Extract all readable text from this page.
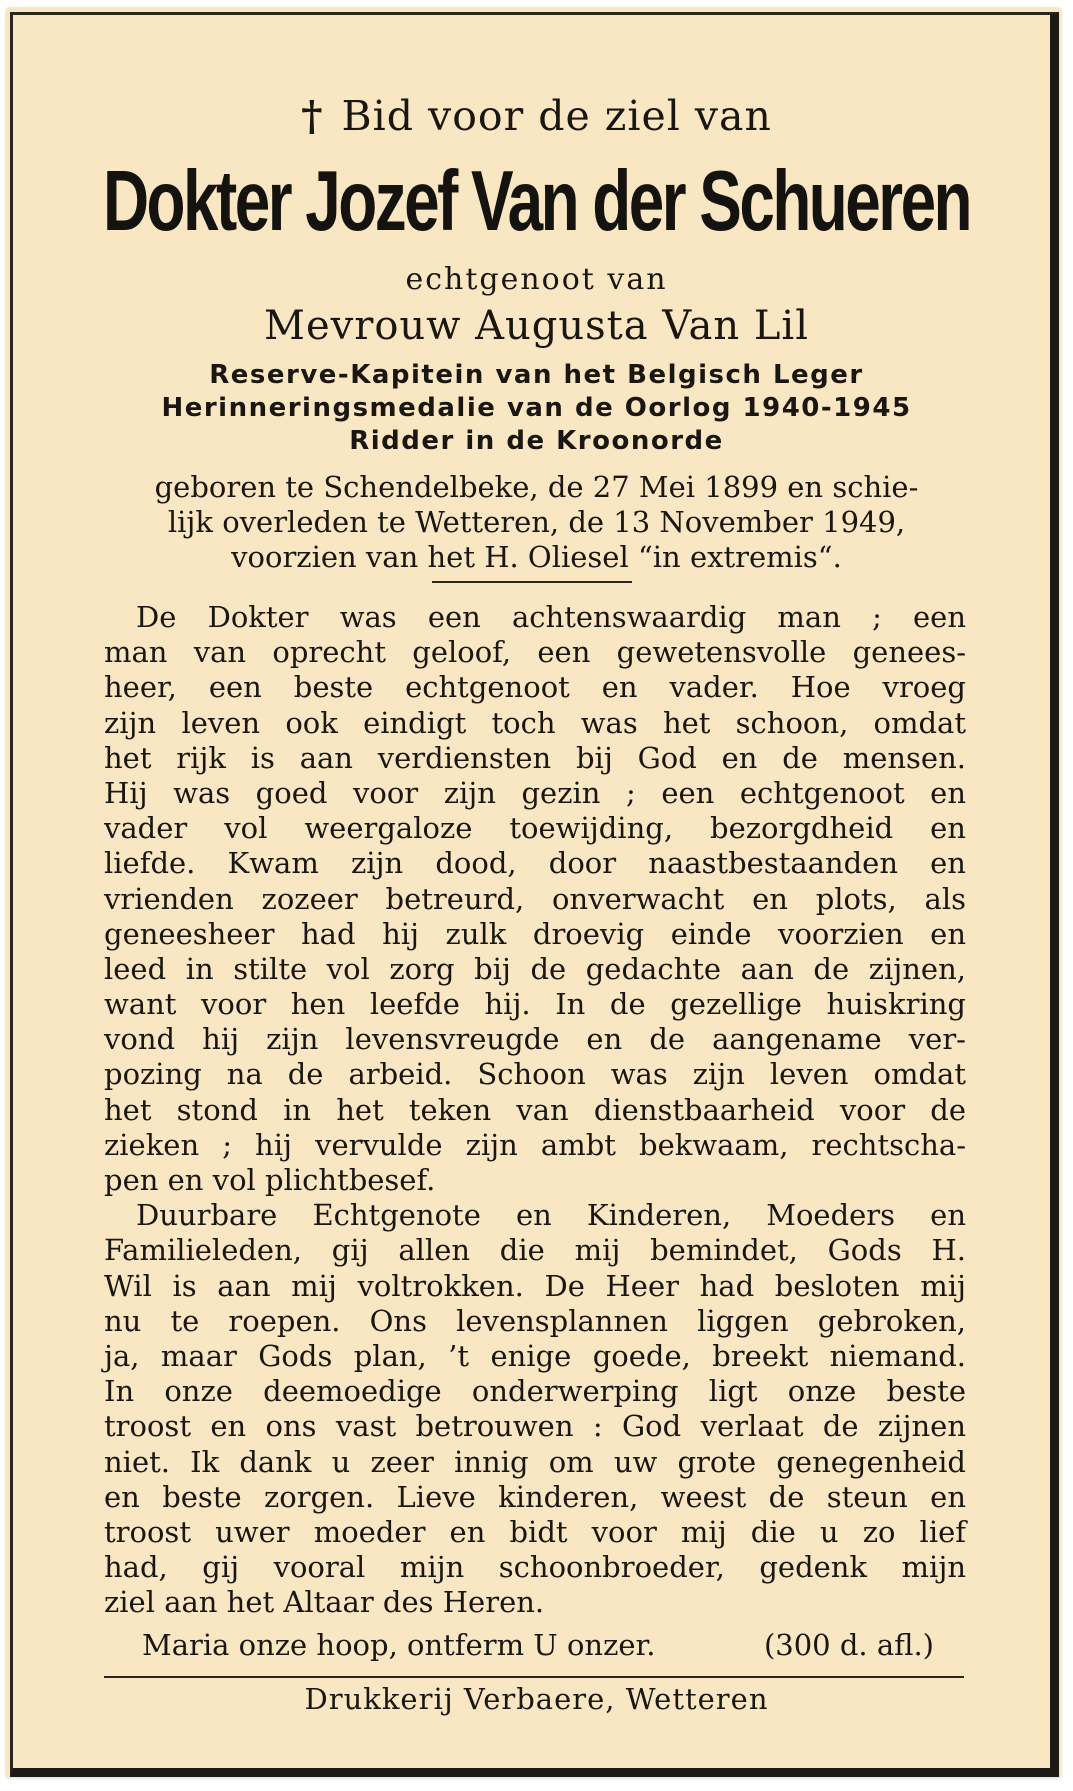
† Bid voor de ziel van
Dokter Jozef Van der Schueren
echtgenoot van
Mevrouw Augusta Van Lil
Reserve-Kapitein van het Belgisch Leger
Herinneringsmedalie van de Oorlog 1940-1945
Ridder in de Kroonorde
geboren te Schendelbeke, de 27 Mei 1899 en schie-
lijk overleden te Wetteren, de 13 November 1949,
voorzien van het H. Oliesel “in extremis“.
De Dokter was een achtenswaardig man ; een
man van oprecht geloof, een gewetensvolle genees-
heer, een beste echtgenoot en vader. Hoe vroeg
zijn leven ook eindigt toch was het schoon, omdat
het rijk is aan verdiensten bij God en de mensen.
Hij was goed voor zijn gezin ; een echtgenoot en
vader vol weergaloze toewijding, bezorgdheid en
liefde. Kwam zijn dood, door naastbestaanden en
vrienden zozeer betreurd, onverwacht en plots, als
geneesheer had hij zulk droevig einde voorzien en
leed in stilte vol zorg bij de gedachte aan de zijnen,
want voor hen leefde hij. In de gezellige huiskring
vond hij zijn levensvreugde en de aangename ver-
pozing na de arbeid. Schoon was zijn leven omdat
het stond in het teken van dienstbaarheid voor de
zieken ; hij vervulde zijn ambt bekwaam, rechtscha-
pen en vol plichtbesef.
Duurbare Echtgenote en Kinderen, Moeders en
Familieleden, gij allen die mij bemindet, Gods H.
Wil is aan mij voltrokken. De Heer had besloten mij
nu te roepen. Ons levensplannen liggen gebroken,
ja, maar Gods plan, ’t enige goede, breekt niemand.
In onze deemoedige onderwerping ligt onze beste
troost en ons vast betrouwen : God verlaat de zijnen
niet. Ik dank u zeer innig om uw grote genegenheid
en beste zorgen. Lieve kinderen, weest de steun en
troost uwer moeder en bidt voor mij die u zo lief
had, gij vooral mijn schoonbroeder, gedenk mijn
ziel aan het Altaar des Heren.
Maria onze hoop, ontferm U onzer.	(300 d. afl.)
Drukkerij Verbaere, Wetteren
